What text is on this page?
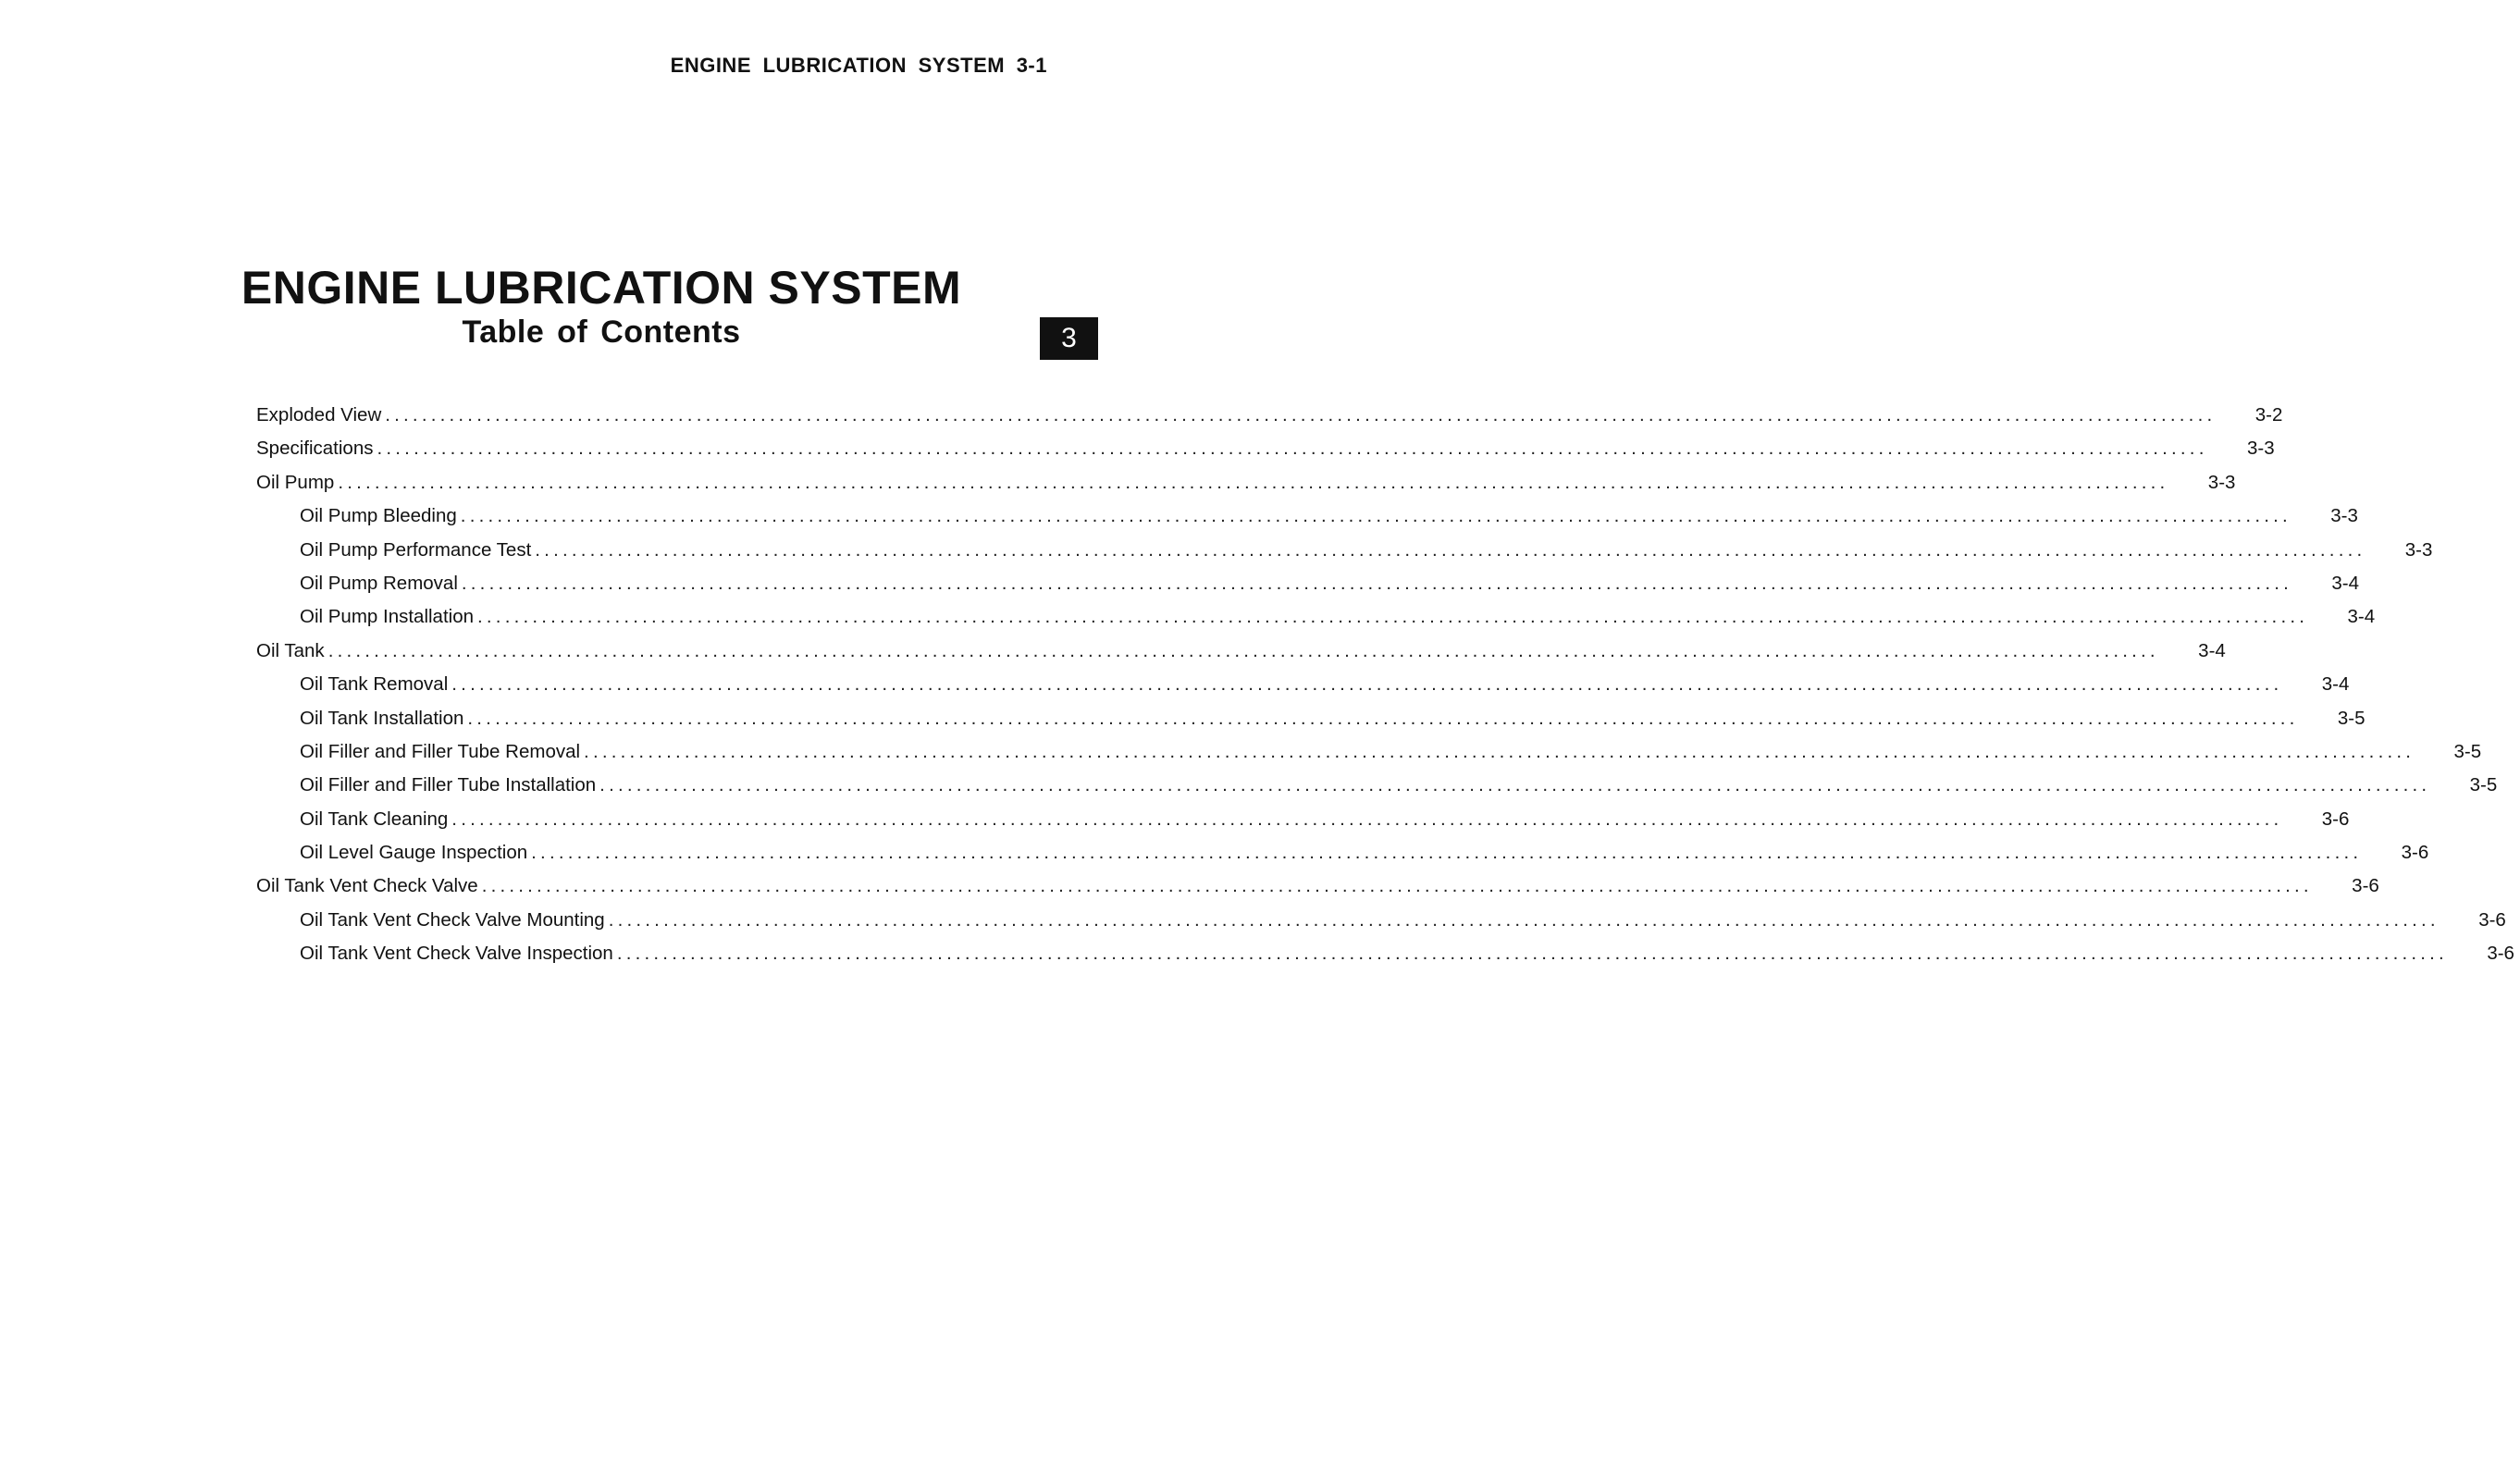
ENGINE LUBRICATION SYSTEM 3-1
ENGINE LUBRICATION SYSTEM
Table of Contents	3
Exploded View ........................................................................................................................................................................................................	3-2
Specifications ........................................................................................................................................................................................................	3-3
Oil Pump ........................................................................................................................................................................................................	3-3
Oil Pump Bleeding ........................................................................................................................................................................................................	3-3
Oil Pump Performance Test ........................................................................................................................................................................................................	3-3
Oil Pump Removal ........................................................................................................................................................................................................	3-4
Oil Pump Installation ........................................................................................................................................................................................................	3-4
Oil Tank ........................................................................................................................................................................................................	3-4
Oil Tank Removal ........................................................................................................................................................................................................	3-4
Oil Tank Installation ........................................................................................................................................................................................................	3-5
Oil Filler and Filler Tube Removal ........................................................................................................................................................................................................	3-5
Oil Filler and Filler Tube Installation ........................................................................................................................................................................................................	3-5
Oil Tank Cleaning ........................................................................................................................................................................................................	3-6
Oil Level Gauge Inspection ........................................................................................................................................................................................................	3-6
Oil Tank Vent Check Valve ........................................................................................................................................................................................................	3-6
Oil Tank Vent Check Valve Mounting ........................................................................................................................................................................................................	3-6
Oil Tank Vent Check Valve Inspection ........................................................................................................................................................................................................	3-6
